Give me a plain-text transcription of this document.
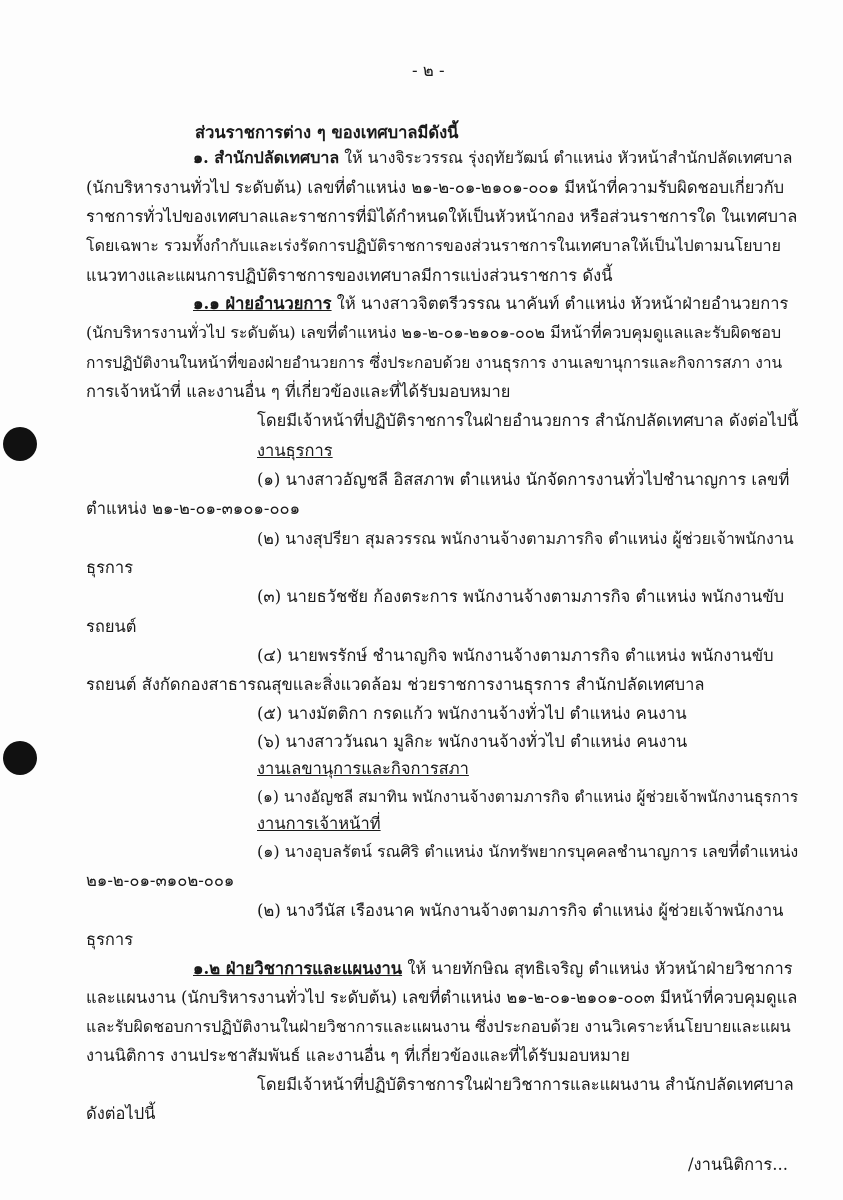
- ๒ -
ส่วนราชการต่าง ๆ ของเทศบาลมีดังนี้
๑. สำนักปลัดเทศบาล ให้ นางจิระวรรณ รุ่งฤทัยวัฒน์ ตำแหน่ง หัวหน้าสำนักปลัดเทศบาล
(นักบริหารงานทั่วไป ระดับต้น) เลขที่ตำแหน่ง ๒๑-๒-๐๑-๒๑๐๑-๐๐๑ มีหน้าที่ความรับผิดชอบเกี่ยวกับ
ราชการทั่วไปของเทศบาลและราชการที่มิได้กำหนดให้เป็นหัวหน้ากอง หรือส่วนราชการใด ในเทศบาล
โดยเฉพาะ รวมทั้งกำกับและเร่งรัดการปฏิบัติราชการของส่วนราชการในเทศบาลให้เป็นไปตามนโยบาย
แนวทางและแผนการปฏิบัติราชการของเทศบาลมีการแบ่งส่วนราชการ ดังนี้
๑.๑ ฝ่ายอำนวยการ ให้ นางสาวจิตตรีวรรณ นาคันท์ ตำแหน่ง หัวหน้าฝ่ายอำนวยการ
(นักบริหารงานทั่วไป ระดับต้น) เลขที่ตำแหน่ง ๒๑-๒-๐๑-๒๑๐๑-๐๐๒ มีหน้าที่ควบคุมดูแลและรับผิดชอบ
การปฏิบัติงานในหน้าที่ของฝ่ายอำนวยการ ซึ่งประกอบด้วย งานธุรการ งานเลขานุการและกิจการสภา งาน
การเจ้าหน้าที่ และงานอื่น ๆ ที่เกี่ยวข้องและที่ได้รับมอบหมาย
โดยมีเจ้าหน้าที่ปฏิบัติราชการในฝ่ายอำนวยการ สำนักปลัดเทศบาล ดังต่อไปนี้
งานธุรการ
(๑) นางสาวอัญชลี อิสสภาพ ตำแหน่ง นักจัดการงานทั่วไปชำนาญการ เลขที่
ตำแหน่ง ๒๑-๒-๐๑-๓๑๐๑-๐๐๑
(๒) นางสุปรียา สุมลวรรณ พนักงานจ้างตามภารกิจ ตำแหน่ง ผู้ช่วยเจ้าพนักงาน
ธุรการ
(๓) นายธวัชชัย ก้องตระการ พนักงานจ้างตามภารกิจ ตำแหน่ง พนักงานขับ
รถยนต์
(๔) นายพรรักษ์ ชำนาญกิจ พนักงานจ้างตามภารกิจ ตำแหน่ง พนักงานขับ
รถยนต์ สังกัดกองสาธารณสุขและสิ่งแวดล้อม ช่วยราชการงานธุรการ สำนักปลัดเทศบาล
(๕) นางมัตติกา กรดแก้ว พนักงานจ้างทั่วไป ตำแหน่ง คนงาน
(๖) นางสาววันณา มูลิกะ พนักงานจ้างทั่วไป ตำแหน่ง คนงาน
งานเลขานุการและกิจการสภา
(๑) นางอัญชลี สมาทิน พนักงานจ้างตามภารกิจ ตำแหน่ง ผู้ช่วยเจ้าพนักงานธุรการ
งานการเจ้าหน้าที่
(๑) นางอุบลรัตน์ รณศิริ ตำแหน่ง นักทรัพยากรบุคคลชำนาญการ เลขที่ตำแหน่ง
๒๑-๒-๐๑-๓๑๐๒-๐๐๑
(๒) นางวีนัส เรืองนาค พนักงานจ้างตามภารกิจ ตำแหน่ง ผู้ช่วยเจ้าพนักงาน
ธุรการ
๑.๒ ฝ่ายวิชาการและแผนงาน ให้ นายทักษิณ สุทธิเจริญ ตำแหน่ง หัวหน้าฝ่ายวิชาการ
และแผนงาน (นักบริหารงานทั่วไป ระดับต้น) เลขที่ตำแหน่ง ๒๑-๒-๐๑-๒๑๐๑-๐๐๓ มีหน้าที่ควบคุมดูแล
และรับผิดชอบการปฏิบัติงานในฝ่ายวิชาการและแผนงาน ซึ่งประกอบด้วย งานวิเคราะห์นโยบายและแผน
งานนิติการ งานประชาสัมพันธ์ และงานอื่น ๆ ที่เกี่ยวข้องและที่ได้รับมอบหมาย
โดยมีเจ้าหน้าที่ปฏิบัติราชการในฝ่ายวิชาการและแผนงาน สำนักปลัดเทศบาล
ดังต่อไปนี้
/งานนิติการ...
